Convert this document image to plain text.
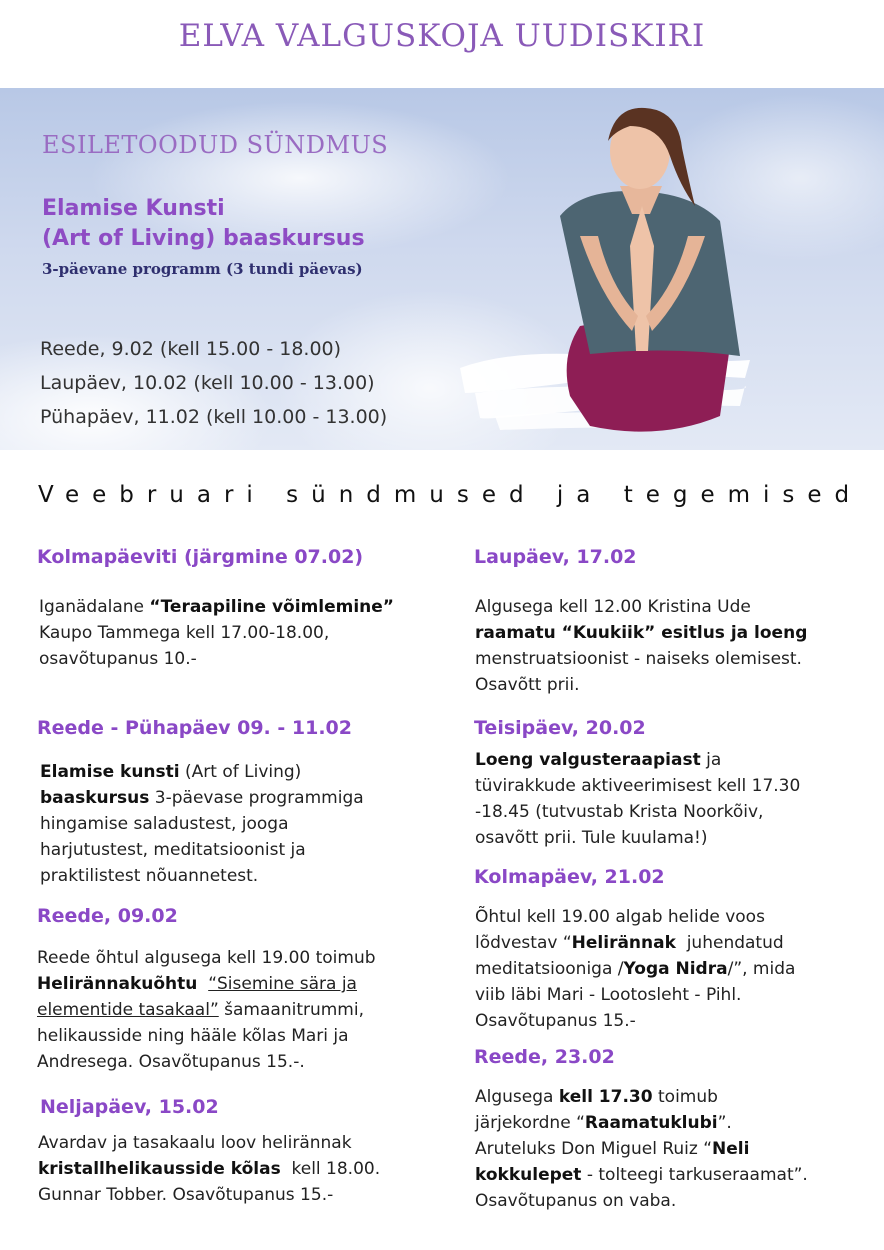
ELVA VALGUSKOJA UUDISKIRI
ESILETOODUD SÜNDMUS
Elamise Kunsti
(Art of Living) baaskursus
3-päevane programm (3 tundi päevas)
Reede, 9.02 (kell 15.00 - 18.00)
Laupäev, 10.02 (kell 10.00 - 13.00)
Pühapäev, 11.02 (kell 10.00 - 13.00)
Veebruari sündmused ja tegemised
Kolmapäeviti (järgmine 07.02)
Iganädalane “Teraapiline võimlemine”
Kaupo Tammega kell 17.00-18.00,
osavõtupanus 10.-
Reede - Pühapäev 09. - 11.02
Elamise kunsti (Art of Living)
baaskursus 3-päevase programmiga
hingamise saladustest, jooga
harjutustest, meditatsioonist ja
praktilistest nõuannetest.
Reede, 09.02
Reede õhtul algusega kell 19.00 toimub
Helirännakuõhtu “Sisemine sära ja
elementide tasakaal” šamaanitrummi,
helikausside ning hääle kõlas Mari ja
Andresega. Osavõtupanus 15.-.
Neljapäev, 15.02
Avardav ja tasakaalu loov helirännak
kristallhelikausside kõlas  kell 18.00.
Gunnar Tobber. Osavõtupanus 15.-
Laupäev, 17.02
Algusega kell 12.00 Kristina Ude
raamatu “Kuukiik” esitlus ja loeng
menstruatsioonist - naiseks olemisest.
Osavõtt prii.
Teisipäev, 20.02
Loeng valgusteraapiast ja
tüvirakkude aktiveerimisest kell 17.30
-18.45 (tutvustab Krista Noorkõiv,
osavõtt prii. Tule kuulama!)
Kolmapäev, 21.02
Õhtul kell 19.00 algab helide voos
lõdvestav “Helirännak  juhendatud
meditatsiooniga /Yoga Nidra/”, mida
viib läbi Mari - Lootosleht - Pihl.
Osavõtupanus 15.-
Reede, 23.02
Algusega kell 17.30 toimub
järjekordne “Raamatuklubi”.
Aruteluks Don Miguel Ruiz “Neli
kokkulepet - tolteegi tarkuseraamat”.
Osavõtupanus on vaba.
